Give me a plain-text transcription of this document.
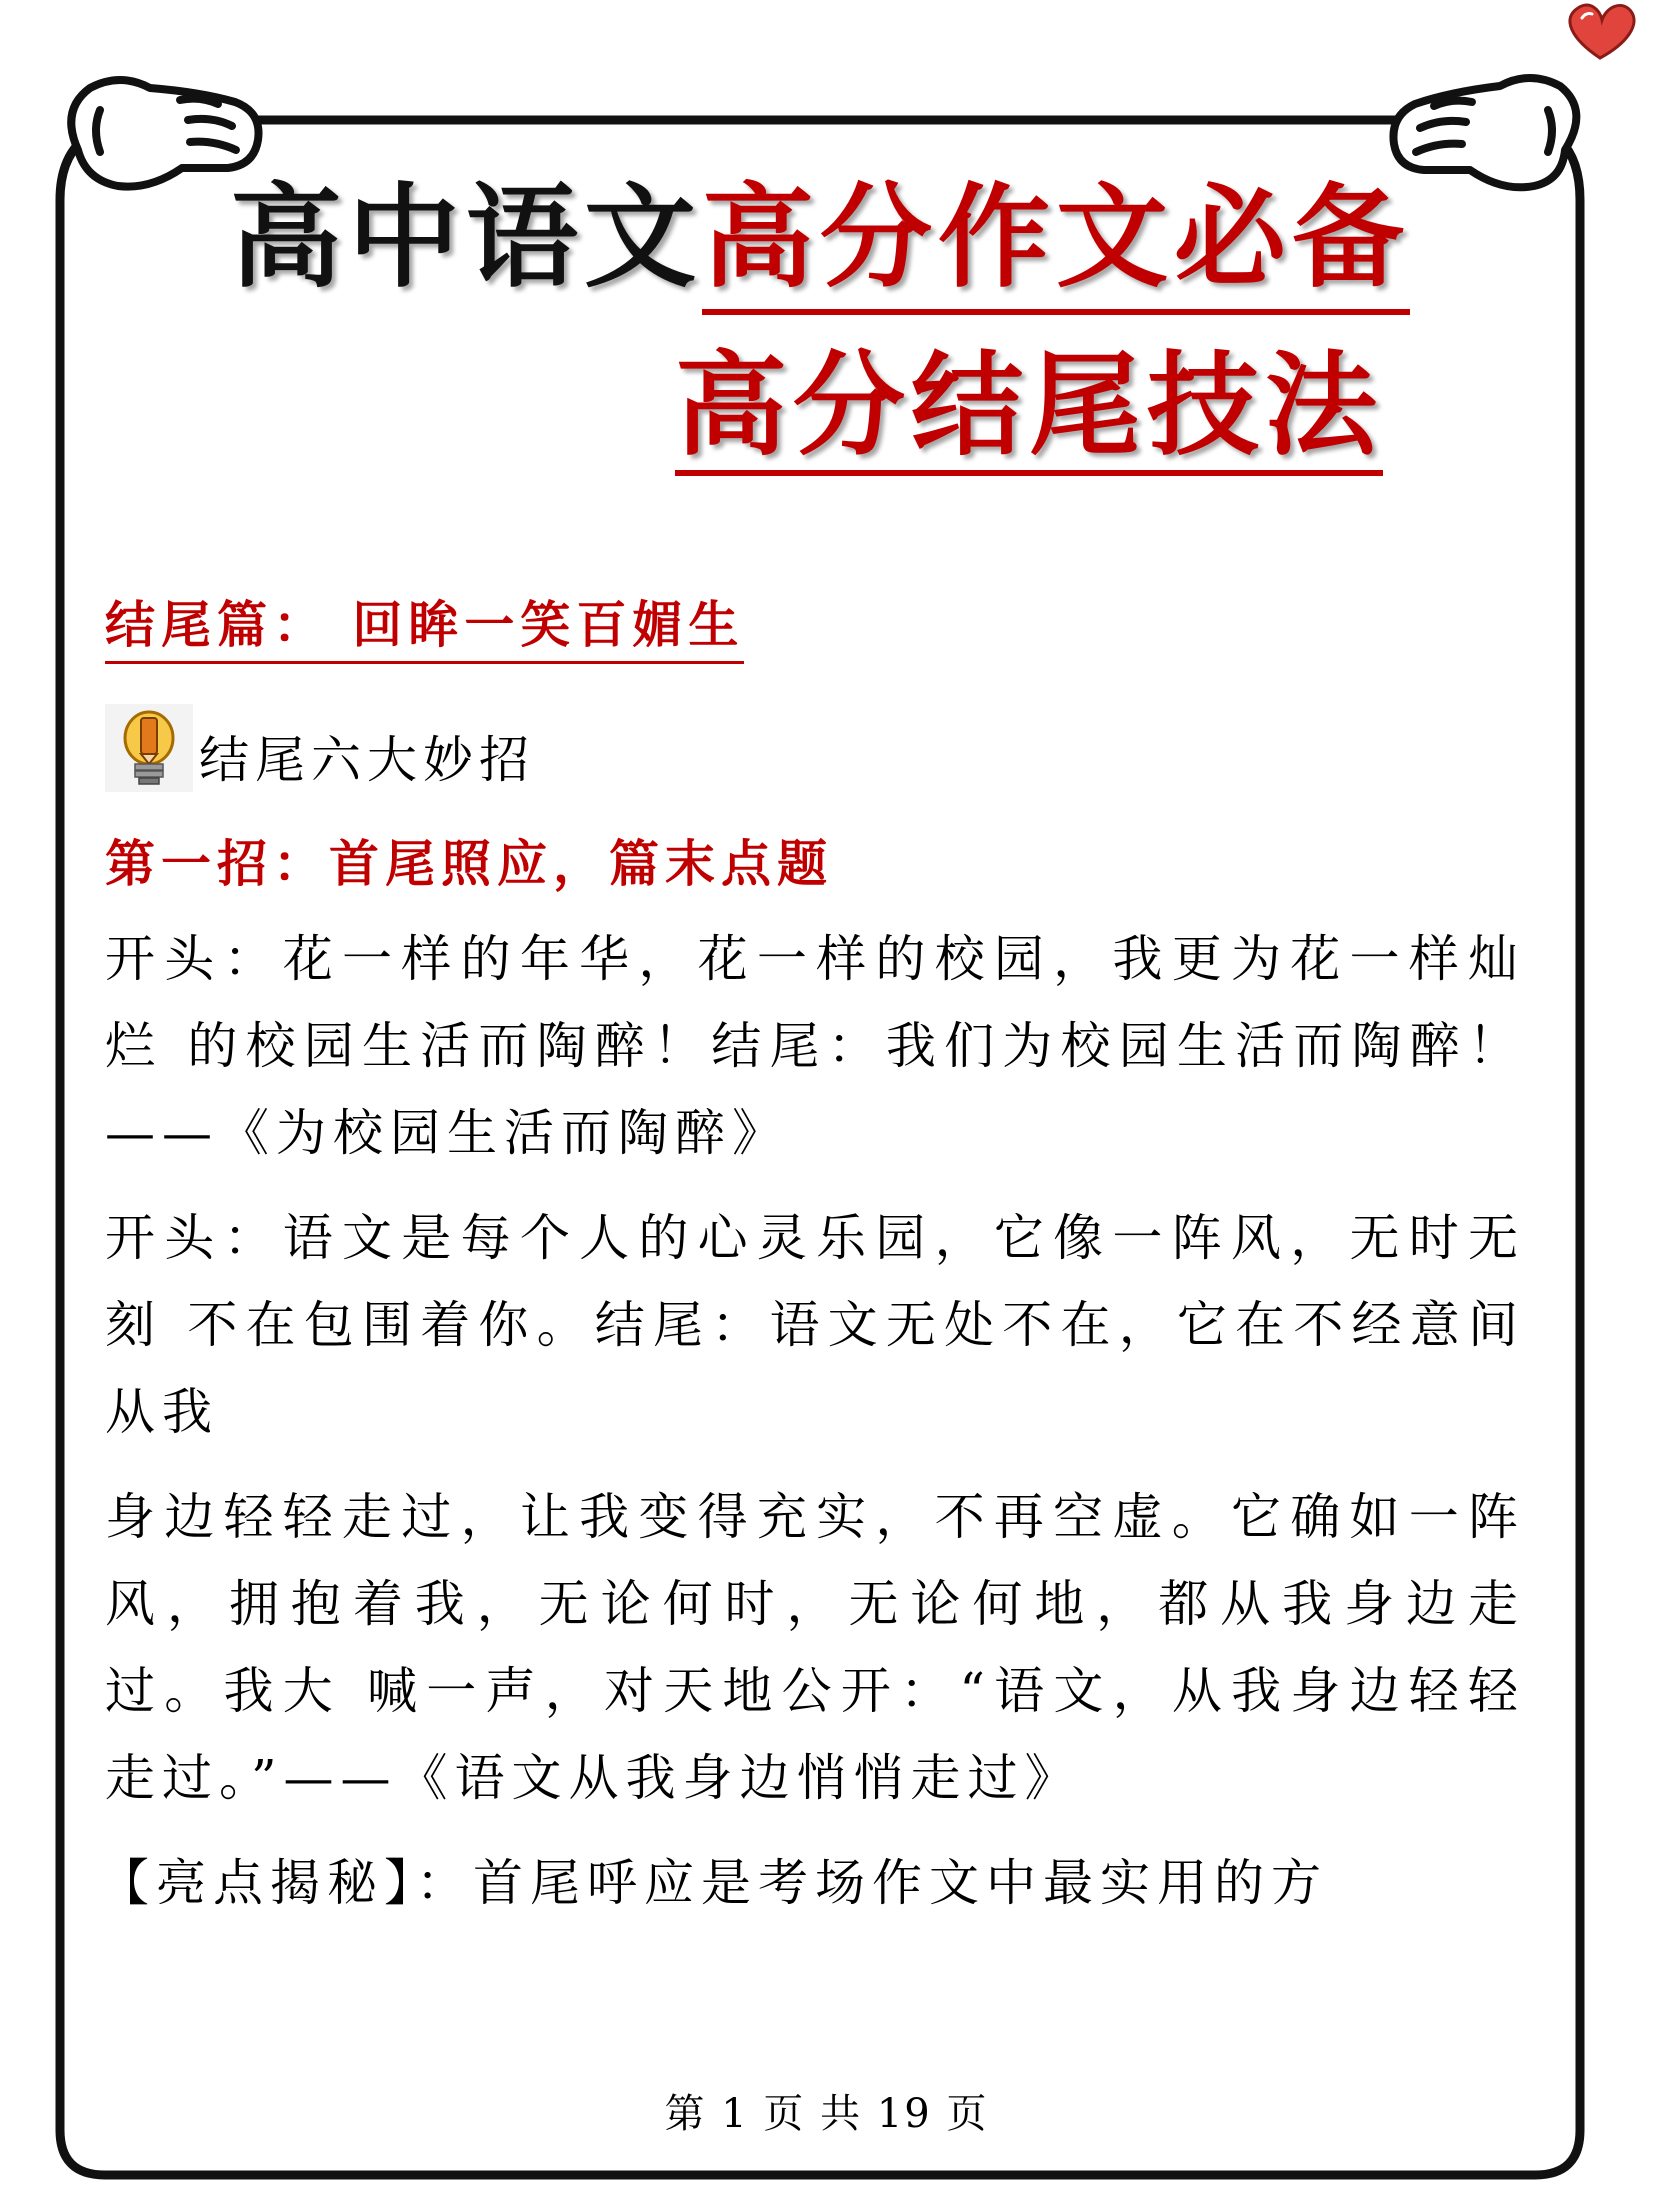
高中语文高分作文必备
高分结尾技法
结尾篇： 回眸一笑百媚生
结尾六大妙招
第一招：首尾照应，篇末点题

开头：花一样的年华，花一样的校园，我更为花一样灿烂 的校园生活而陶醉！结尾：我们为校园生活而陶醉！——《为校园生活而陶醉》

开头：语文是每个人的心灵乐园，它像一阵风，无时无刻 不在包围着你。结尾：语文无处不在，它在不经意间从我

身边轻轻走过，让我变得充实，不再空虚。它确如一阵风，拥抱着我，无论何时，无论何地，都从我身边走过。我大 喊一声，对天地公开：“语文，从我身边轻轻走过。”——《语文从我身边悄悄走过》

【亮点揭秘】：首尾呼应是考场作文中最实用的方
第 1 页 共 19 页
